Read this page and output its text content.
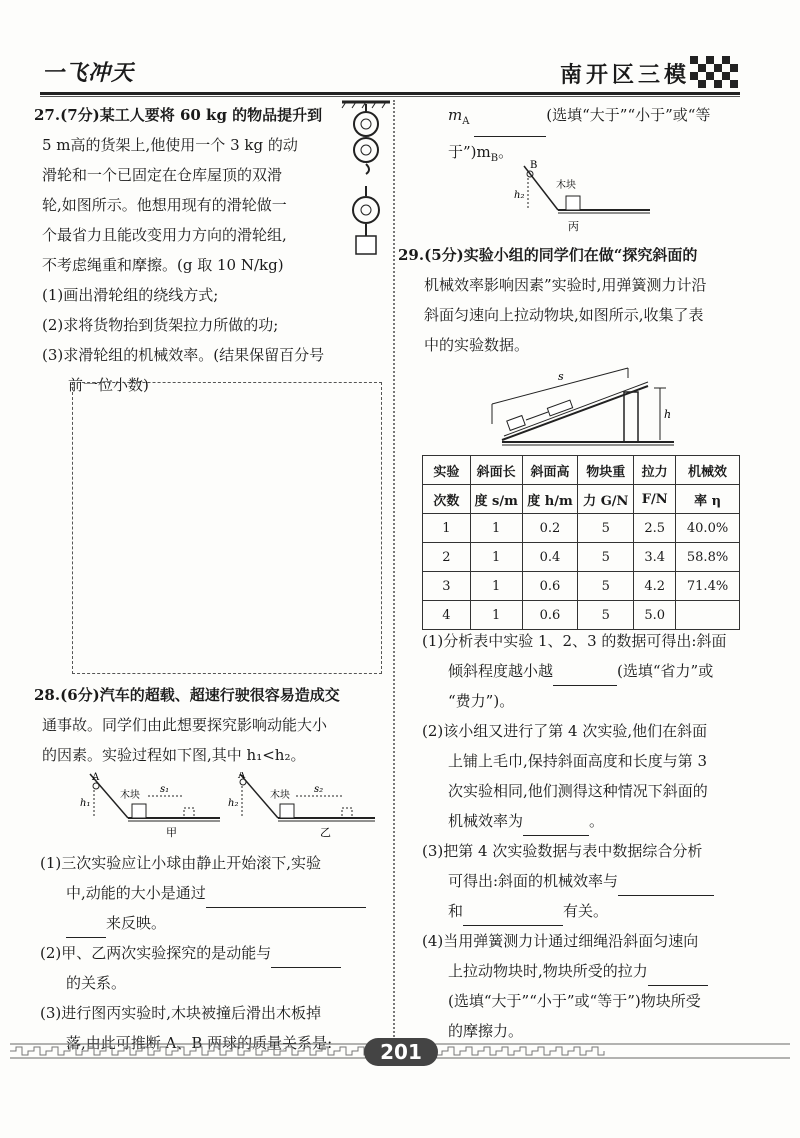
一飞冲天	南开区三模
27.(7分)某工人要将 60 kg 的物品提升到
5 m高的货架上,他使用一个 3 kg 的动
滑轮和一个已固定在仓库屋顶的双滑
轮,如图所示。他想用现有的滑轮做一
个最省力且能改变用力方向的滑轮组,
不考虑绳重和摩擦。(g 取 10 N/kg)
(1)画出滑轮组的绕线方式;
(2)求将货物抬到货架拉力所做的功;
(3)求滑轮组的机械效率。(结果保留百分号
前一位小数)
28.(6分)汽车的超载、超速行驶很容易造成交
通事故。同学们由此想要探究影响动能大小
的因素。实验过程如下图,其中 h₁<h₂。
A
h₁
木块
s₁
甲
A
h₂
木块
s₂
乙
(1)三次实验应让小球由静止开始滚下,实验
中,动能的大小是通过
来反映。
(2)甲、乙两次实验探究的是动能与
的关系。
(3)进行图丙实验时,木块被撞后滑出木板掉
落,由此可推断 A、B 两球的质量关系是:
$m_A$	(选填“大于”“小于”或“等
于$”)m_B$。
B
h₂
木块
丙
29.(5分)实验小组的同学们在做“探究斜面的
机械效率影响因素”实验时,用弹簧测力计沿
斜面匀速向上拉动物块,如图所示,收集了表
中的实验数据。
s
h
实验	斜面长	斜面高	物块重	拉力	机械效
次数	度 s/m	度 h/m	力 G/N	F/N	率 η
1	1	0.2	5	2.5	40.0%
2	1	0.4	5	3.4	58.8%
3	1	0.6	5	4.2	71.4%
4	1	0.6	5	5.0	
(1)分析表中实验 1、2、3 的数据可得出:斜面
倾斜程度越小越	(选填“省力”或
“费力”)。
(2)该小组又进行了第 4 次实验,他们在斜面
上铺上毛巾,保持斜面高度和长度与第 3
次实验相同,他们测得这种情况下斜面的
机械效率为	。
(3)把第 4 次实验数据与表中数据综合分析
可得出:斜面的机械效率与
和	有关。
(4)当用弹簧测力计通过细绳沿斜面匀速向
上拉动物块时,物块所受的拉力
(选填“大于”“小于”或“等于”)物块所受
的摩擦力。
201
